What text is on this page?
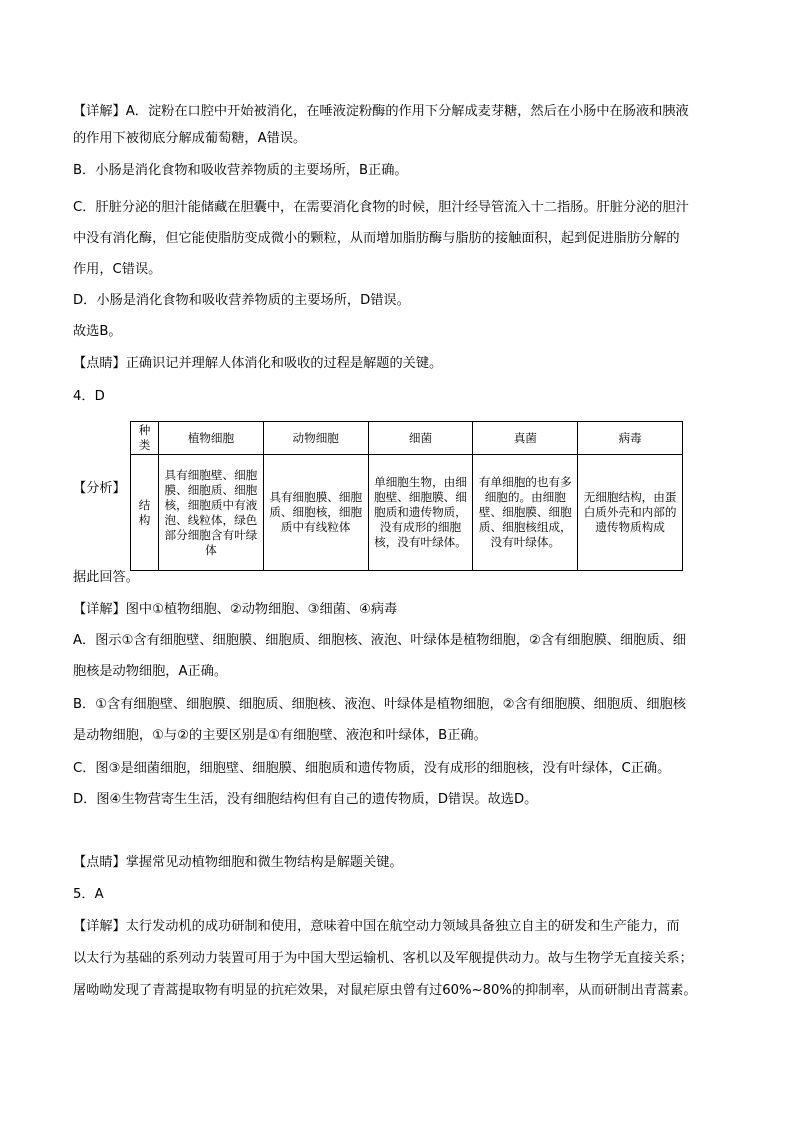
【详解】A．淀粉在口腔中开始被消化，在唾液淀粉酶的作用下分解成麦芽糖，然后在小肠中在肠液和胰液
的作用下被彻底分解成葡萄糖，A错误。
B．小肠是消化食物和吸收营养物质的主要场所，B正确。
C．肝脏分泌的胆汁能储藏在胆囊中，在需要消化食物的时候，胆汁经导管流入十二指肠。肝脏分泌的胆汁
中没有消化酶，但它能使脂肪变成微小的颗粒，从而增加脂肪酶与脂肪的接触面积，起到促进脂肪分解的
作用，C错误。
D．小肠是消化食物和吸收营养物质的主要场所，D错误。
故选B。
【点睛】正确识记并理解人体消化和吸收的过程是解题的关键。
4．D
【分析】
种类	植物细胞	动物细胞	细菌	真菌	病毒
结构	具有细胞壁、细胞膜、细胞质、细胞核，细胞质中有液泡、线粒体，绿色部分细胞含有叶绿体	具有细胞膜、细胞质、细胞核，细胞质中有线粒体	单细胞生物，由细胞壁、细胞膜、细胞质和遗传物质，没有成形的细胞核，没有叶绿体。	有单细胞的也有多细胞的。由细胞壁、细胞膜、细胞质、细胞核组成，没有叶绿体。	无细胞结构，由蛋白质外壳和内部的遗传物质构成
据此回答。
【详解】图中①植物细胞、②动物细胞、③细菌、④病毒
A．图示①含有细胞壁、细胞膜、细胞质、细胞核、液泡、叶绿体是植物细胞，②含有细胞膜、细胞质、细
胞核是动物细胞，A正确。
B．①含有细胞壁、细胞膜、细胞质、细胞核、液泡、叶绿体是植物细胞，②含有细胞膜、细胞质、细胞核
是动物细胞，①与②的主要区别是①有细胞壁、液泡和叶绿体，B正确。
C．图③是细菌细胞，细胞壁、细胞膜、细胞质和遗传物质，没有成形的细胞核，没有叶绿体，C正确。
D．图④生物营寄生生活，没有细胞结构但有自己的遗传物质，D错误。故选D。
【点睛】掌握常见动植物细胞和微生物结构是解题关键。
5．A
【详解】太行发动机的成功研制和使用，意味着中国在航空动力领域具备独立自主的研发和生产能力，而
以太行为基础的系列动力装置可用于为中国大型运输机、客机以及军舰提供动力。故与生物学无直接关系；
屠呦呦发现了青蒿提取物有明显的抗疟效果，对鼠疟原虫曾有过60%~80%的抑制率，从而研制出青蒿素。
